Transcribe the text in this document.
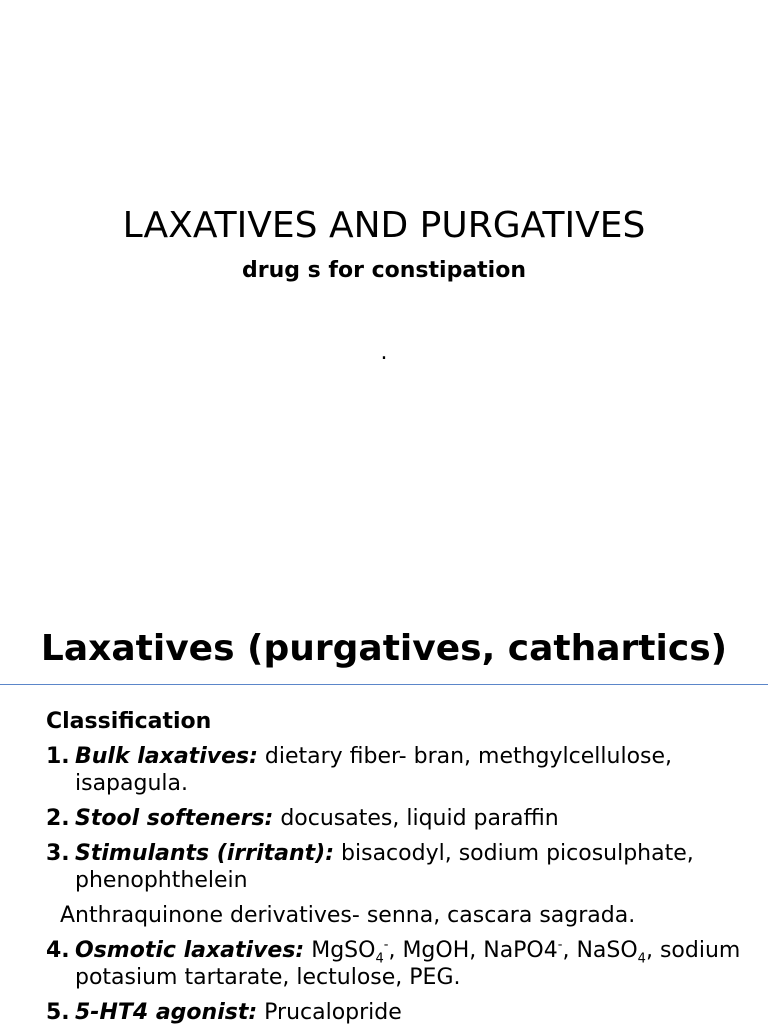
LAXATIVES AND PURGATIVES
drug s for constipation
.
Laxatives (purgatives, cathartics)
Classification
1. Bulk laxatives: dietary fiber- bran, methgylcellulose, isapagula.
2. Stool softeners: docusates, liquid paraffin
3. Stimulants (irritant): bisacodyl, sodium picosulphate, phenophthelein
Anthraquinone derivatives- senna, cascara sagrada.
4. Osmotic laxatives: MgSO$_4$-, MgOH, NaPO4-, NaSO$_4$, sodium potasium tartarate, lectulose, PEG.
5. 5-HT4 agonist: Prucalopride
